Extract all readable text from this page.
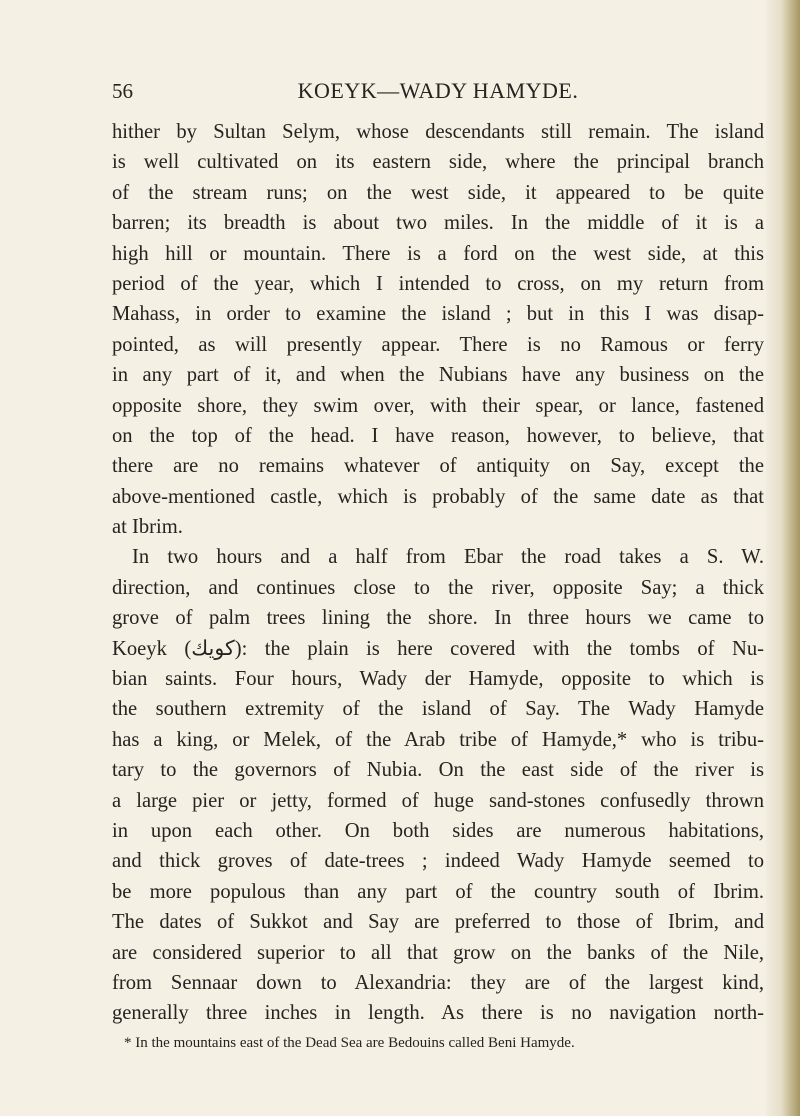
56	KOEYK—WADY HAMYDE.
hither by Sultan Selym, whose descendants still remain. The island
is well cultivated on its eastern side, where the principal branch
of the stream runs; on the west side, it appeared to be quite
barren; its breadth is about two miles. In the middle of it is a
high hill or mountain. There is a ford on the west side, at this
period of the year, which I intended to cross, on my return from
Mahass, in order to examine the island ; but in this I was disap-
pointed, as will presently appear. There is no Ramous or ferry
in any part of it, and when the Nubians have any business on the
opposite shore, they swim over, with their spear, or lance, fastened
on the top of the head. I have reason, however, to believe, that
there are no remains whatever of antiquity on Say, except the
above-mentioned castle, which is probably of the same date as that
at Ibrim.
In two hours and a half from Ebar the road takes a S. W.
direction, and continues close to the river, opposite Say; a thick
grove of palm trees lining the shore. In three hours we came to
Koeyk (كويك): the plain is here covered with the tombs of Nu-
bian saints. Four hours, Wady der Hamyde, opposite to which is
the southern extremity of the island of Say. The Wady Hamyde
has a king, or Melek, of the Arab tribe of Hamyde,* who is tribu-
tary to the governors of Nubia. On the east side of the river is
a large pier or jetty, formed of huge sand-stones confusedly thrown
in upon each other. On both sides are numerous habitations,
and thick groves of date-trees ; indeed Wady Hamyde seemed to
be more populous than any part of the country south of Ibrim.
The dates of Sukkot and Say are preferred to those of Ibrim, and
are considered superior to all that grow on the banks of the Nile,
from Sennaar down to Alexandria: they are of the largest kind,
generally three inches in length. As there is no navigation north-
* In the mountains east of the Dead Sea are Bedouins called Beni Hamyde.
